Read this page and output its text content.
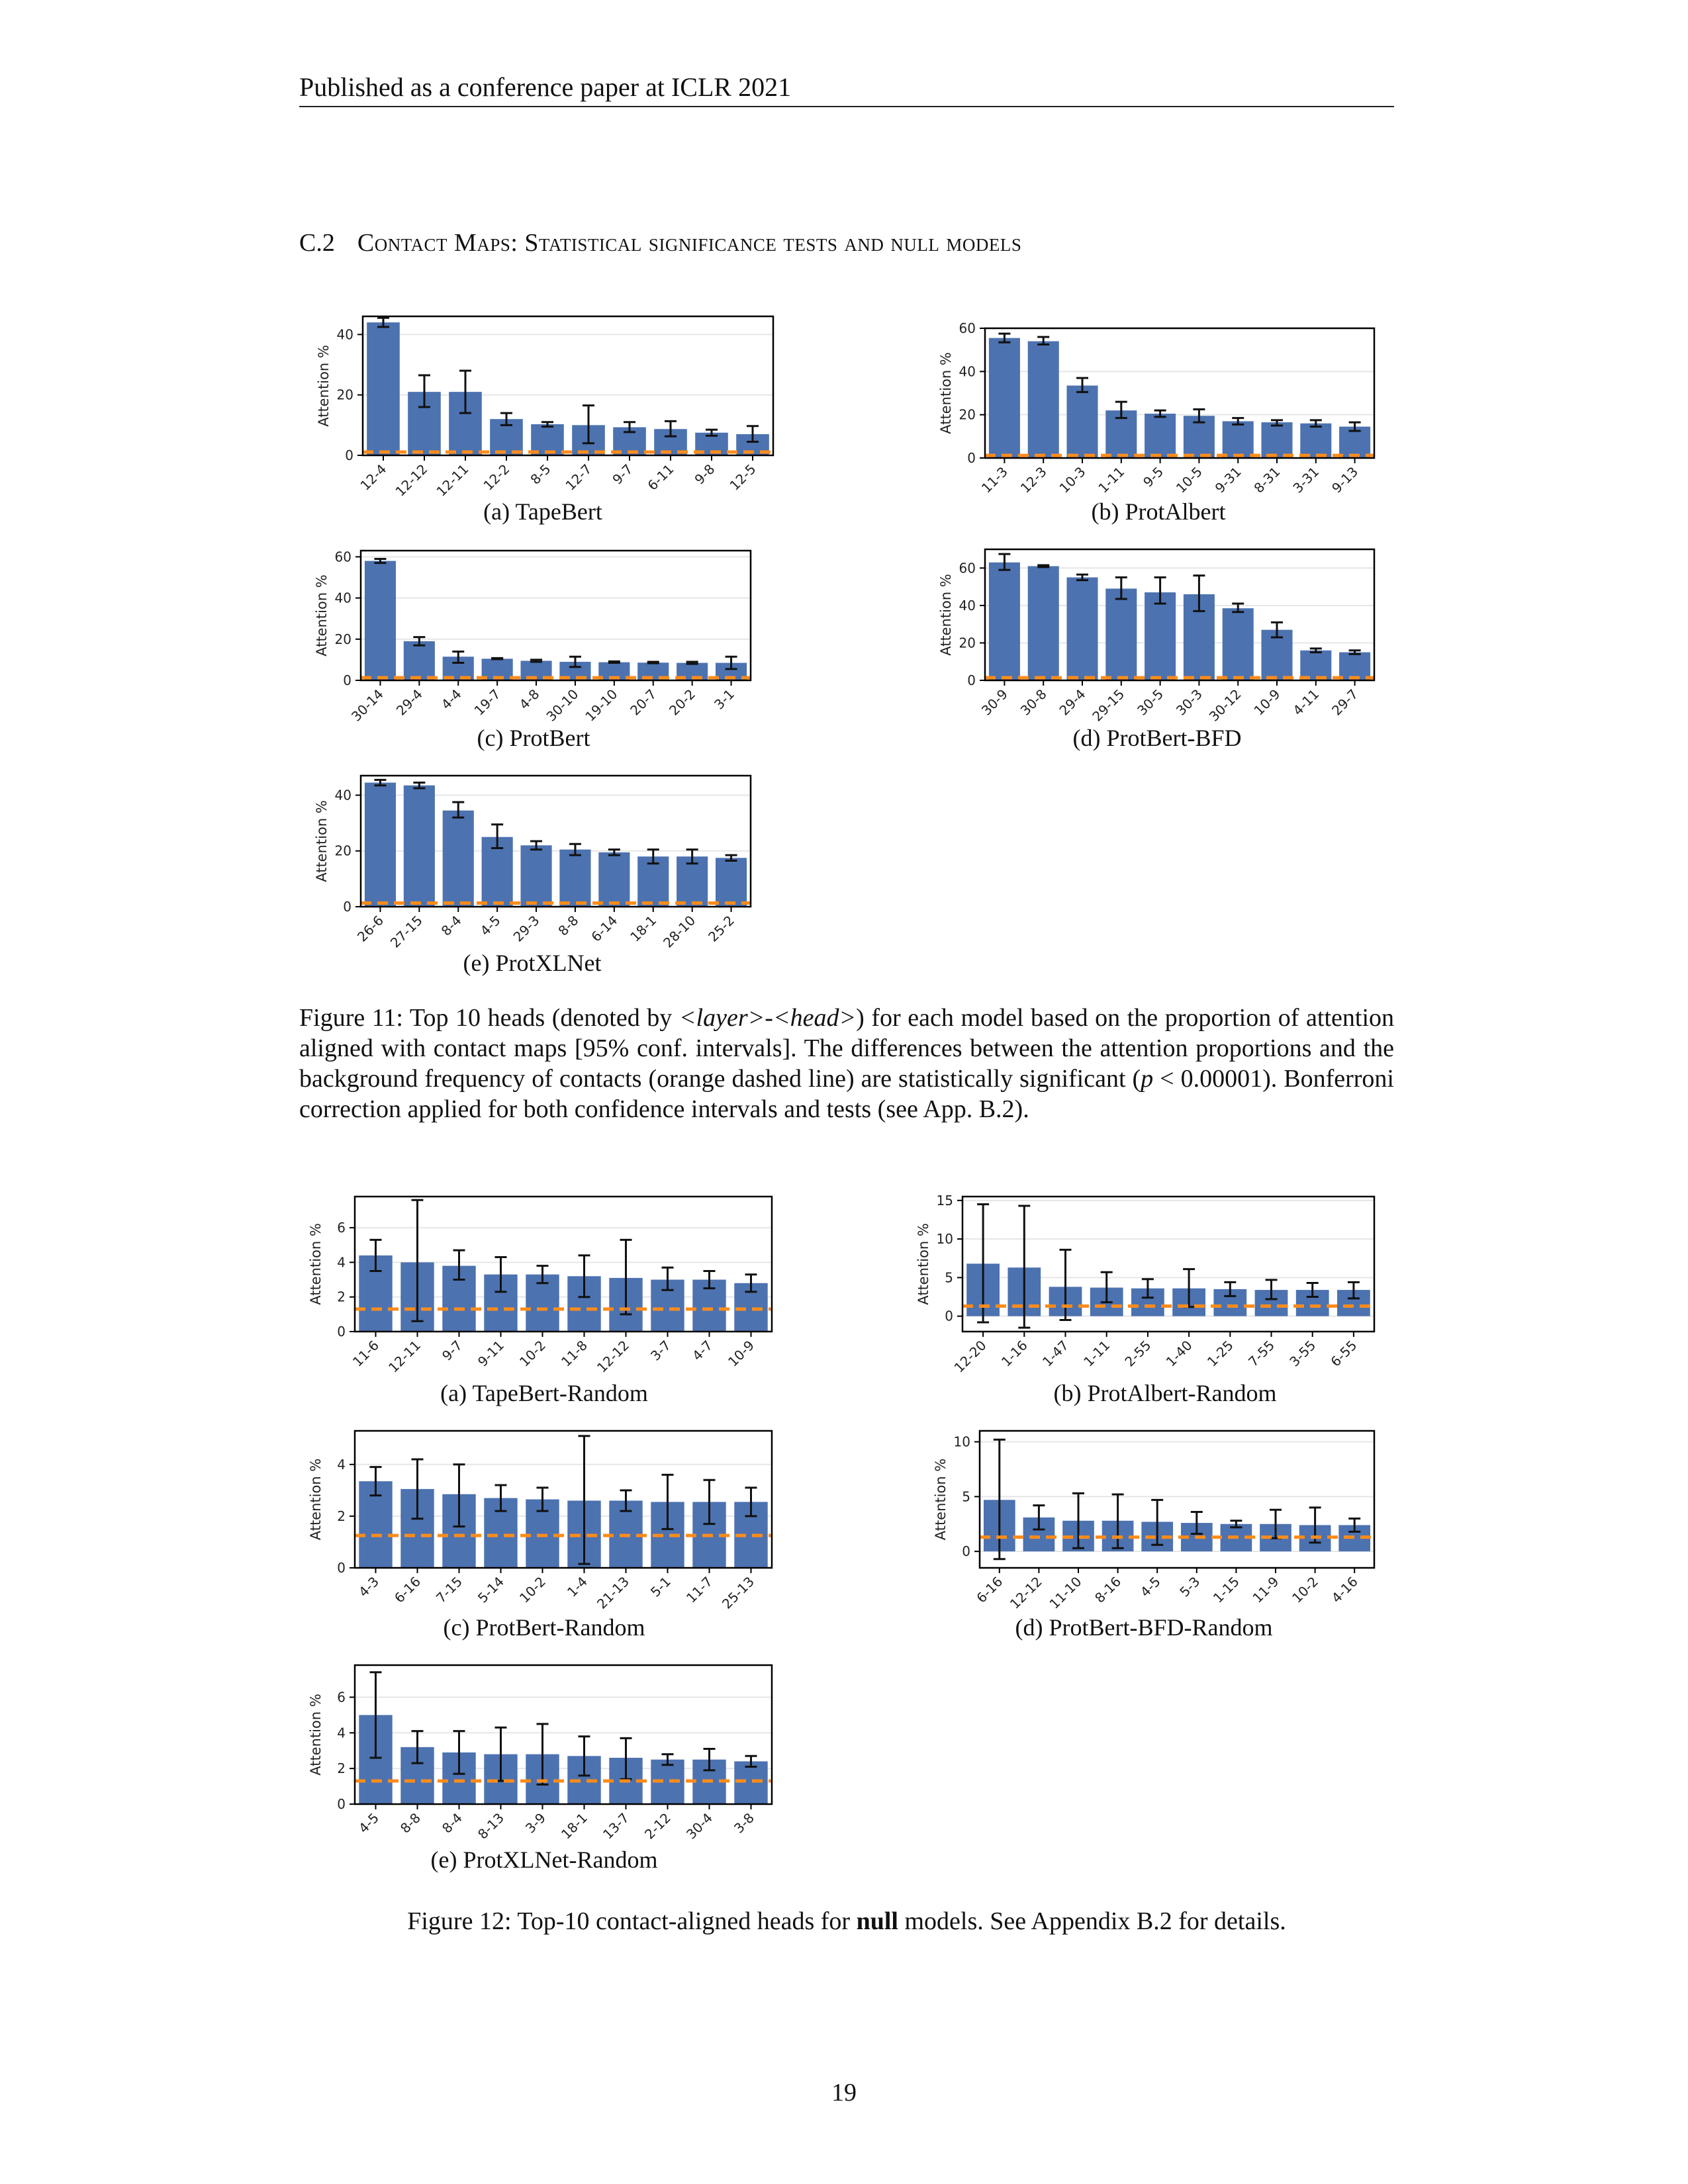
Published as a conference paper at ICLR 2021
C.2 Contact Maps: Statistical significance tests and null models
0
20
40
12-4 12-12 12-11 12-2 8-5 12-7 9-7 6-11 9-8 12-5
Attention %
(a) TapeBert
0
20
40
60
11-3 12-3 10-3 1-11 9-5 10-5 9-31 8-31 3-31 9-13
Attention %
(b) ProtAlbert
0
20
40
60
30-14 29-4 4-4 19-7 4-8 30-10 19-10 20-7 20-2 3-1
Attention %
(c) ProtBert
0
20
40
60
30-9 30-8 29-4 29-15 30-5 30-3 30-12 10-9 4-11 29-7
Attention %
(d) ProtBert-BFD
0
20
40
26-6 27-15 8-4 4-5 29-3 8-8 6-14 18-1 28-10 25-2
Attention %
(e) ProtXLNet
0
2
4
6
11-6 12-11 9-7 9-11 10-2 11-8 12-12 3-7 4-7 10-9
Attention %
(a) TapeBert-Random
0
5
10
15
12-20 1-16 1-47 1-11 2-55 1-40 1-25 7-55 3-55 6-55
Attention %
(b) ProtAlbert-Random
0
2
4
4-3 6-16 7-15 5-14 10-2 1-4 21-13 5-1 11-7 25-13
Attention %
(c) ProtBert-Random
0
5
10
6-16 12-12 11-10 8-16 4-5 5-3 1-15 11-9 10-2 4-16
Attention %
(d) ProtBert-BFD-Random
0
2
4
6
4-5 8-8 8-4 8-13 3-9 18-1 13-7 2-12 30-4 3-8
Attention %
(e) ProtXLNet-Random
Figure 11: Top 10 heads (denoted by <layer>-<head>) for each model based on the proportion of attention aligned with contact maps [95% conf. intervals]. The differences between the attention proportions and the background frequency of contacts (orange dashed line) are statistically significant (p < 0.00001). Bonferroni correction applied for both confidence intervals and tests (see App. B.2).
Figure 12: Top-10 contact-aligned heads for null models. See Appendix B.2 for details.
19
